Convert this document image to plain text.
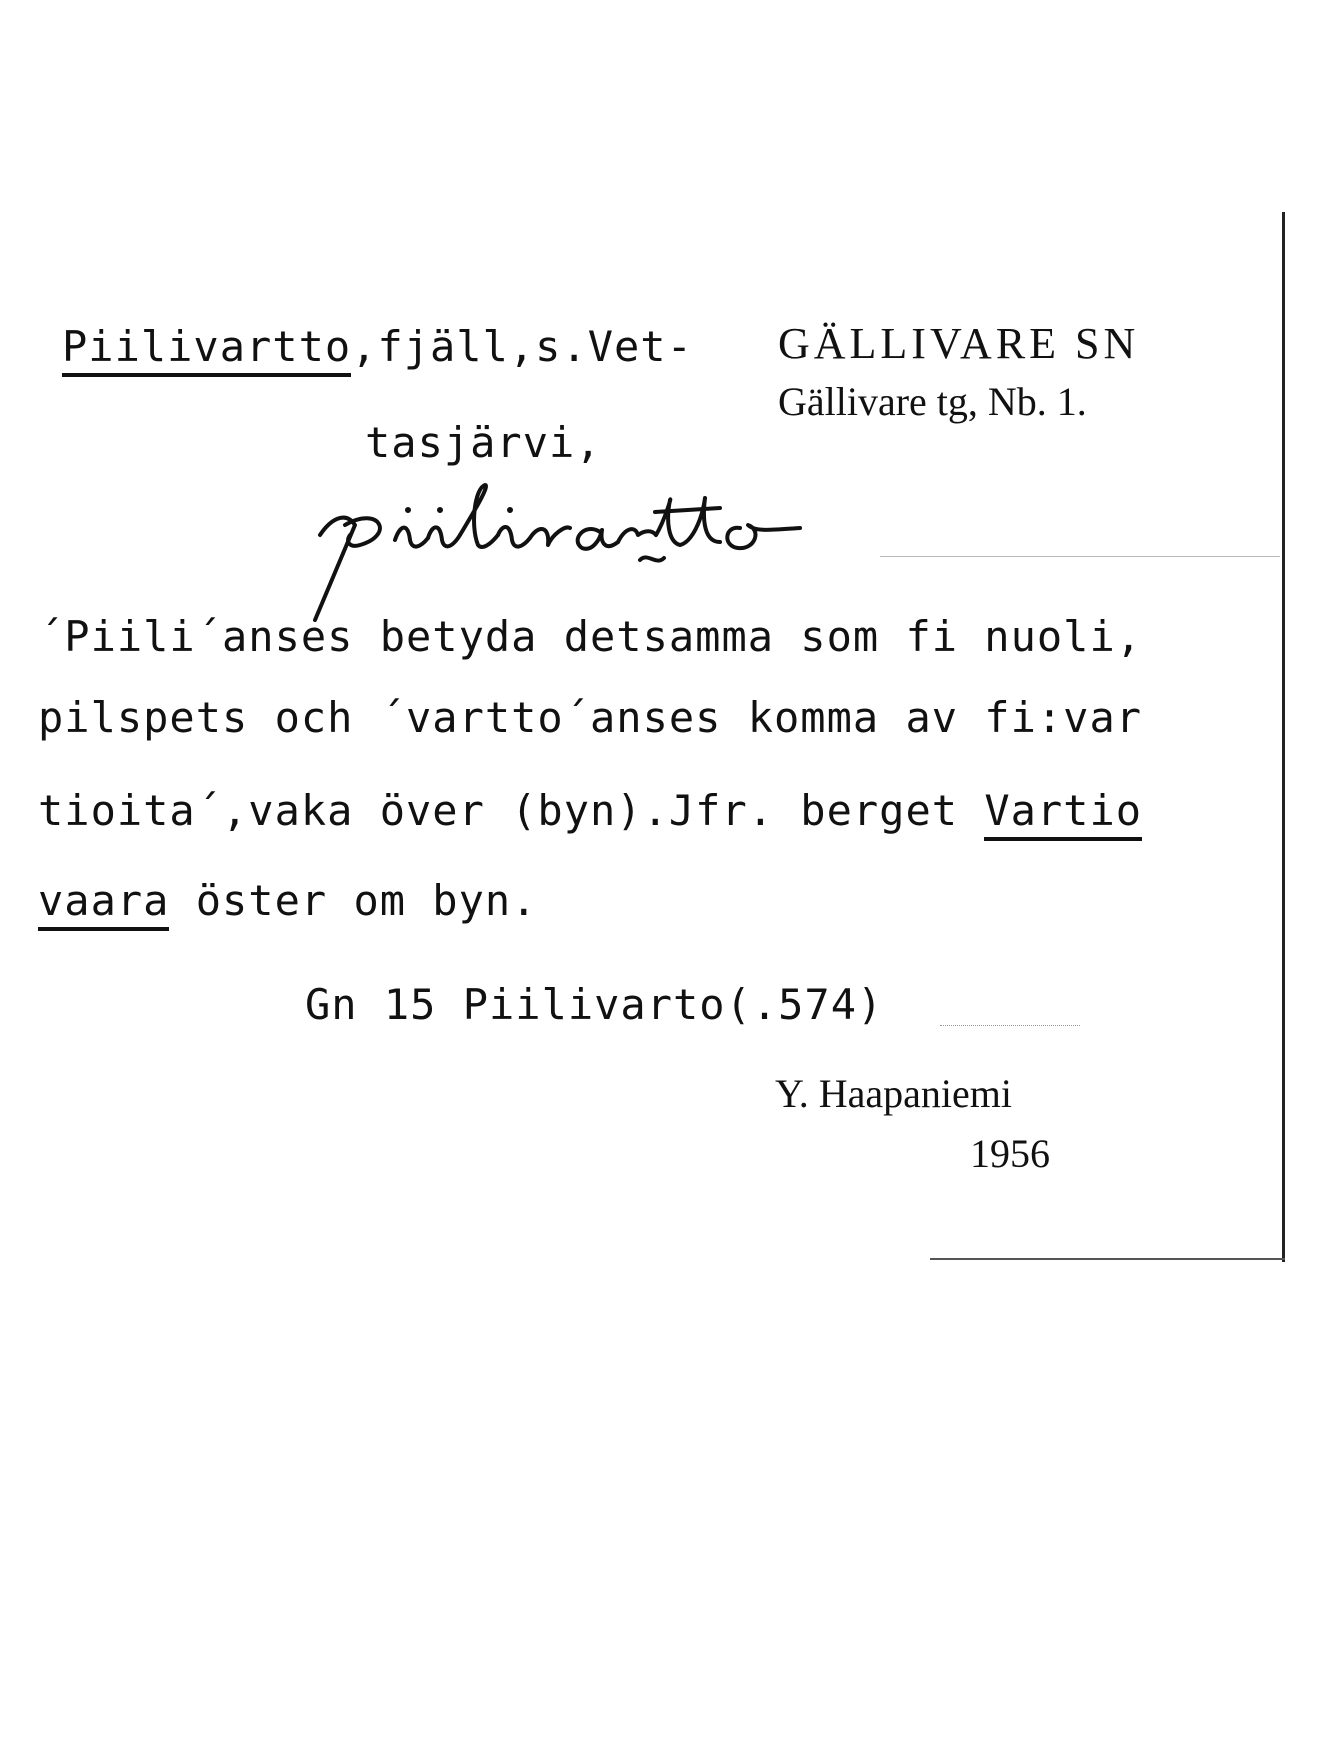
Piilivartto,fjäll,s.Vet-
tasjärvi,
GÄLLIVARE SN
Gällivare tg, Nb. 1.
´Piili´anses betyda detsamma som fi nuoli,
pilspets och ´vartto´anses komma av fi:var
tioita´,vaka över (byn).Jfr. berget Vartio
vaara öster om byn.
Gn 15 Piilivarto(.574)
Y. Haapaniemi
1956
